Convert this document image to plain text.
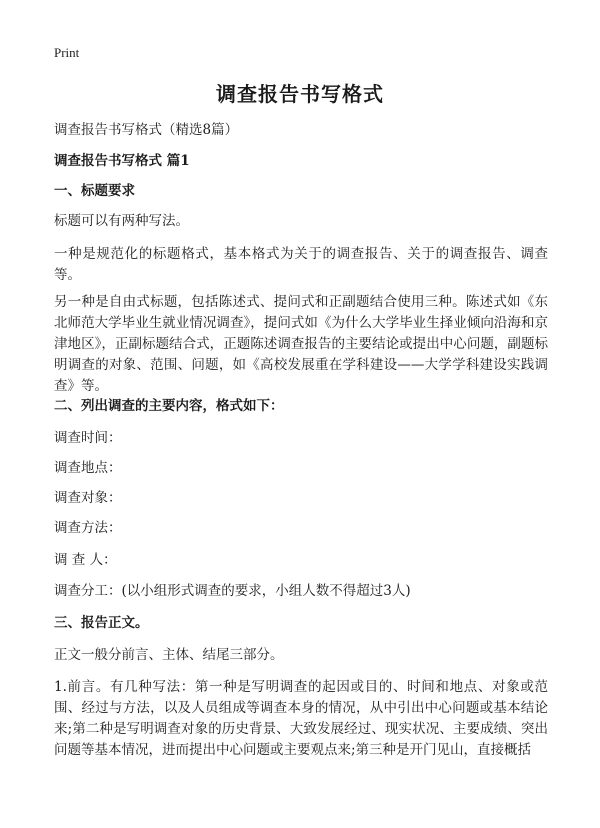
Print
调查报告书写格式

调查报告书写格式（精选8篇）

调查报告书写格式 篇1

一、标题要求

标题可以有两种写法。

一种是规范化的标题格式，基本格式为关于的调查报告、关于的调查报告、调查等。

另一种是自由式标题，包括陈述式、提问式和正副题结合使用三种。陈述式如《东北师范大学毕业生就业情况调查》，提问式如《为什么大学毕业生择业倾向沿海和京津地区》，正副标题结合式，正题陈述调查报告的主要结论或提出中心问题，副题标明调查的对象、范围、问题，如《高校发展重在学科建设——大学学科建设实践调查》等。

二、列出调查的主要内容，格式如下：

调查时间：

调查地点：

调查对象：

调查方法：

调 查 人：

调查分工：(以小组形式调查的要求，小组人数不得超过3人)

三、报告正文。

正文一般分前言、主体、结尾三部分。

1.前言。有几种写法：第一种是写明调查的起因或目的、时间和地点、对象或范围、经过与方法，以及人员组成等调查本身的情况，从中引出中心问题或基本结论来;第二种是写明调查对象的历史背景、大致发展经过、现实状况、主要成绩、突出问题等基本情况，进而提出中心问题或主要观点来;第三种是开门见山，直接概括
